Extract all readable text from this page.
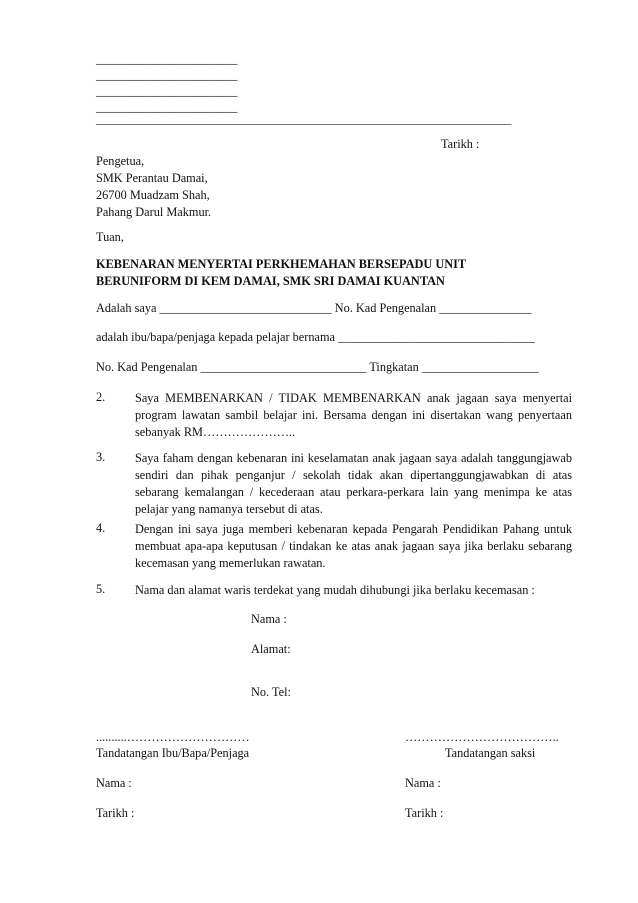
_______________________
_______________________
_______________________
_______________________
_____________________________________________________________________________
Tarikh :
Pengetua,
SMK Perantau Damai,
26700 Muadzam Shah,
Pahang Darul Makmur.
Tuan,
KEBENARAN MENYERTAI PERKHEMAHAN BERSEPADU UNIT
BERUNIFORM DI KEM DAMAI, SMK SRI DAMAI KUANTAN
Adalah saya ____________________________ No. Kad Pengenalan _______________
adalah ibu/bapa/penjaga kepada pelajar bernama ________________________________
No. Kad Pengenalan ___________________________ Tingkatan ___________________
2. Saya MEMBENARKAN / TIDAK MEMBENARKAN anak jagaan saya menyertai program lawatan sambil belajar ini. Bersama dengan ini disertakan wang penyertaan sebanyak RM…………………..
3. Saya faham dengan kebenaran ini keselamatan anak jagaan saya adalah tanggungjawab sendiri dan pihak penganjur / sekolah tidak akan dipertanggungjawabkan di atas sebarang kemalangan / kecederaan atau perkara-perkara lain yang menimpa ke atas pelajar yang namanya tersebut di atas.
4. Dengan ini saya juga memberi kebenaran kepada Pengarah Pendidikan Pahang untuk membuat apa-apa keputusan / tindakan ke atas anak jagaan saya jika berlaku sebarang kecemasan yang memerlukan rawatan.
5. Nama dan alamat waris terdekat yang mudah dihubungi jika berlaku kecemasan :
Nama :
Alamat:
No. Tel:
..........…………………………
Tandatangan Ibu/Bapa/Penjaga
Nama :
Tarikh :
………………………………..
Tandatangan saksi
Nama :
Tarikh :
